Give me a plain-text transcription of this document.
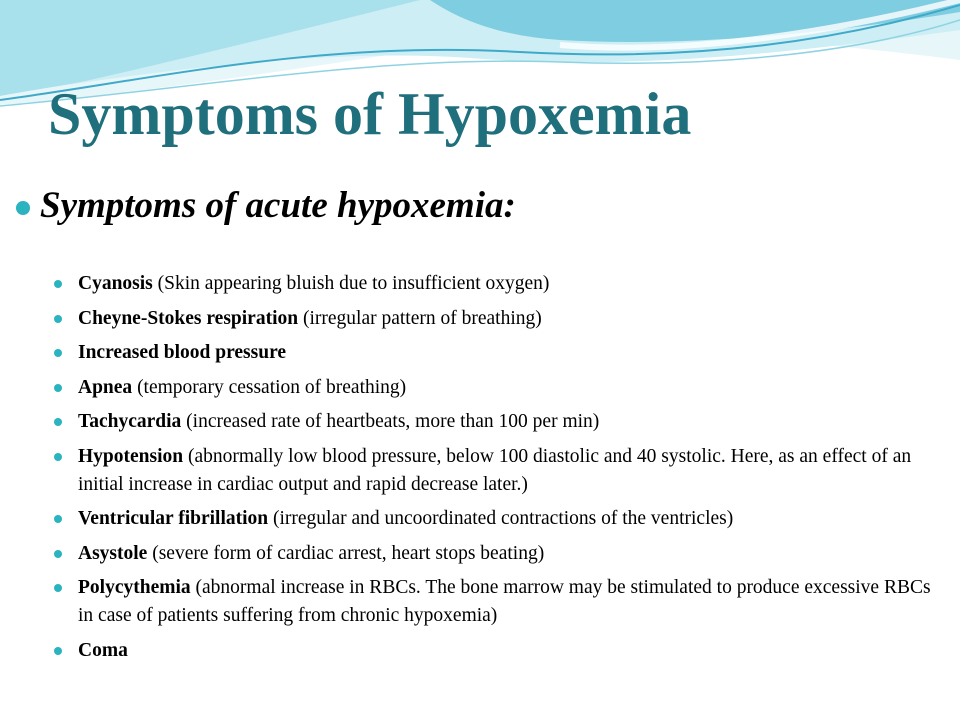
Symptoms of Hypoxemia
Symptoms of acute hypoxemia:
Cyanosis (Skin appearing bluish due to insufficient oxygen)
Cheyne-Stokes respiration (irregular pattern of breathing)
Increased blood pressure
Apnea (temporary cessation of breathing)
Tachycardia (increased rate of heartbeats, more than 100 per min)
Hypotension (abnormally low blood pressure, below 100 diastolic and 40 systolic. Here, as an effect of an initial increase in cardiac output and rapid decrease later.)
Ventricular fibrillation (irregular and uncoordinated contractions of the ventricles)
Asystole (severe form of cardiac arrest, heart stops beating)
Polycythemia (abnormal increase in RBCs. The bone marrow may be stimulated to produce excessive RBCs in case of patients suffering from chronic hypoxemia)
Coma
